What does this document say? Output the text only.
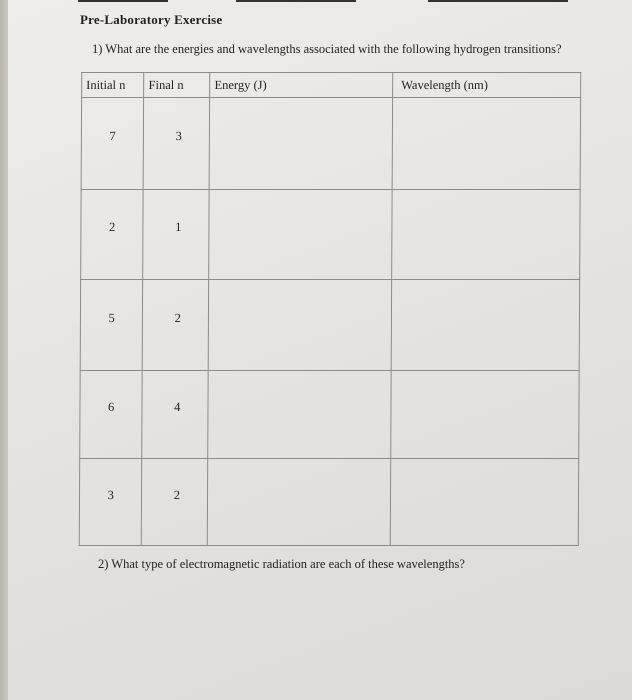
Pre-Laboratory Exercise
1) What are the energies and wavelengths associated with the following hydrogen transitions?
Initial n	Final n	Energy (J)	Wavelength (nm)
7	3		
2	1		
5	2		
6	4		
3	2		
2) What type of electromagnetic radiation are each of these wavelengths?
